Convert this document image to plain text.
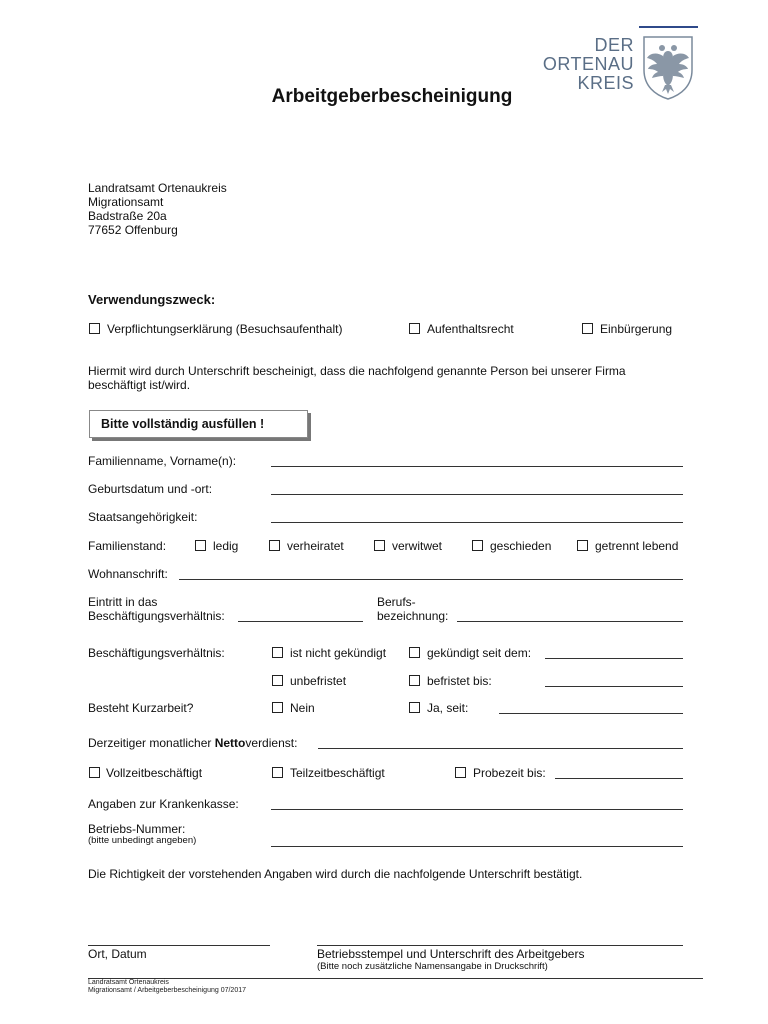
DER
ORTENAU
KREIS
Arbeitgeberbescheinigung
Landratsamt Ortenaukreis
Migrationsamt
Badstraße 20a
77652 Offenburg
Verwendungszweck:
Verpflichtungserklärung (Besuchsaufenthalt)	Aufenthaltsrecht	Einbürgerung
Hiermit wird durch Unterschrift bescheinigt, dass die nachfolgend genannte Person bei unserer Firma
beschäftigt ist/wird.
Bitte vollständig ausfüllen !
Familienname, Vorname(n):
Geburtsdatum und -ort:
Staatsangehörigkeit:
Familienstand:	ledig	verheiratet	verwitwet	geschieden	getrennt lebend
Wohnanschrift:
Eintritt in das
Beschäftigungsverhältnis:
Berufs-
bezeichnung:
Beschäftigungsverhältnis:	ist nicht gekündigt	gekündigt seit dem:
unbefristet	befristet bis:
Besteht Kurzarbeit?	Nein	Ja, seit:
Derzeitiger monatlicher Nettoverdienst:
Vollzeitbeschäftigt	Teilzeitbeschäftigt	Probezeit bis:
Angaben zur Krankenkasse:
Betriebs-Nummer:
(bitte unbedingt angeben)
Die Richtigkeit der vorstehenden Angaben wird durch die nachfolgende Unterschrift bestätigt.
Ort, Datum	Betriebsstempel und Unterschrift des Arbeitgebers
(Bitte noch zusätzliche Namensangabe in Druckschrift)
Landratsamt Ortenaukreis
Migrationsamt / Arbeitgeberbescheinigung 07/2017
